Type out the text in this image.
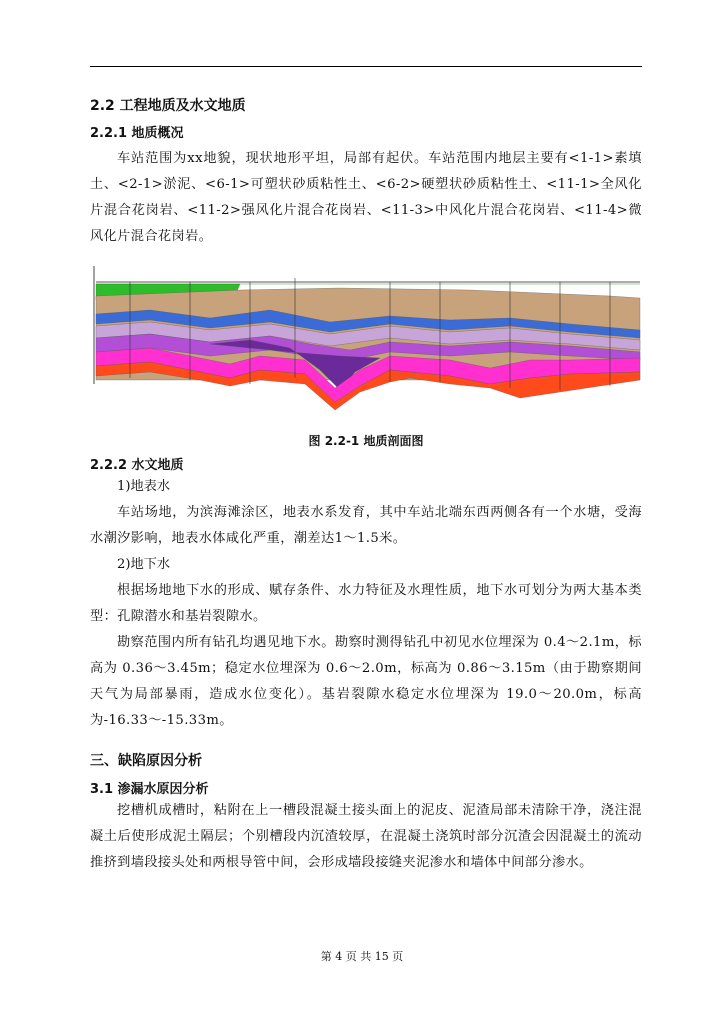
2.2 工程地质及水文地质
2.2.1 地质概况

车站范围为xx地貌，现状地形平坦，局部有起伏。车站范围内地层主要有<1-1>素填土、<2-1>淤泥、<6-1>可塑状砂质粘性土、<6-2>硬塑状砂质粘性土、<11-1>全风化片混合花岗岩、<11-2>强风化片混合花岗岩、<11-3>中风化片混合花岗岩、<11-4>微风化片混合花岗岩。

图 2.2-1 地质剖面图
2.2.2 水文地质

1)地表水

车站场地，为滨海滩涂区，地表水系发育，其中车站北端东西两侧各有一个水塘，受海水潮汐影响，地表水体咸化严重，潮差达1～1.5米。

2)地下水

根据场地地下水的形成、赋存条件、水力特征及水理性质，地下水可划分为两大基本类型：孔隙潜水和基岩裂隙水。

勘察范围内所有钻孔均遇见地下水。勘察时测得钻孔中初见水位埋深为 0.4～2.1m，标高为 0.36～3.45m；稳定水位埋深为 0.6～2.0m，标高为 0.86～3.15m（由于勘察期间天气为局部暴雨，造成水位变化）。基岩裂隙水稳定水位埋深为 19.0～20.0m，标高为-16.33～-15.33m。

三、缺陷原因分析
3.1 渗漏水原因分析

挖槽机成槽时，粘附在上一槽段混凝土接头面上的泥皮、泥渣局部未清除干净，浇注混凝土后使形成泥土隔层；个别槽段内沉渣较厚，在混凝土浇筑时部分沉渣会因混凝土的流动推挤到墙段接头处和两根导管中间，会形成墙段接缝夹泥渗水和墙体中间部分渗水。

第 4 页 共 15 页
